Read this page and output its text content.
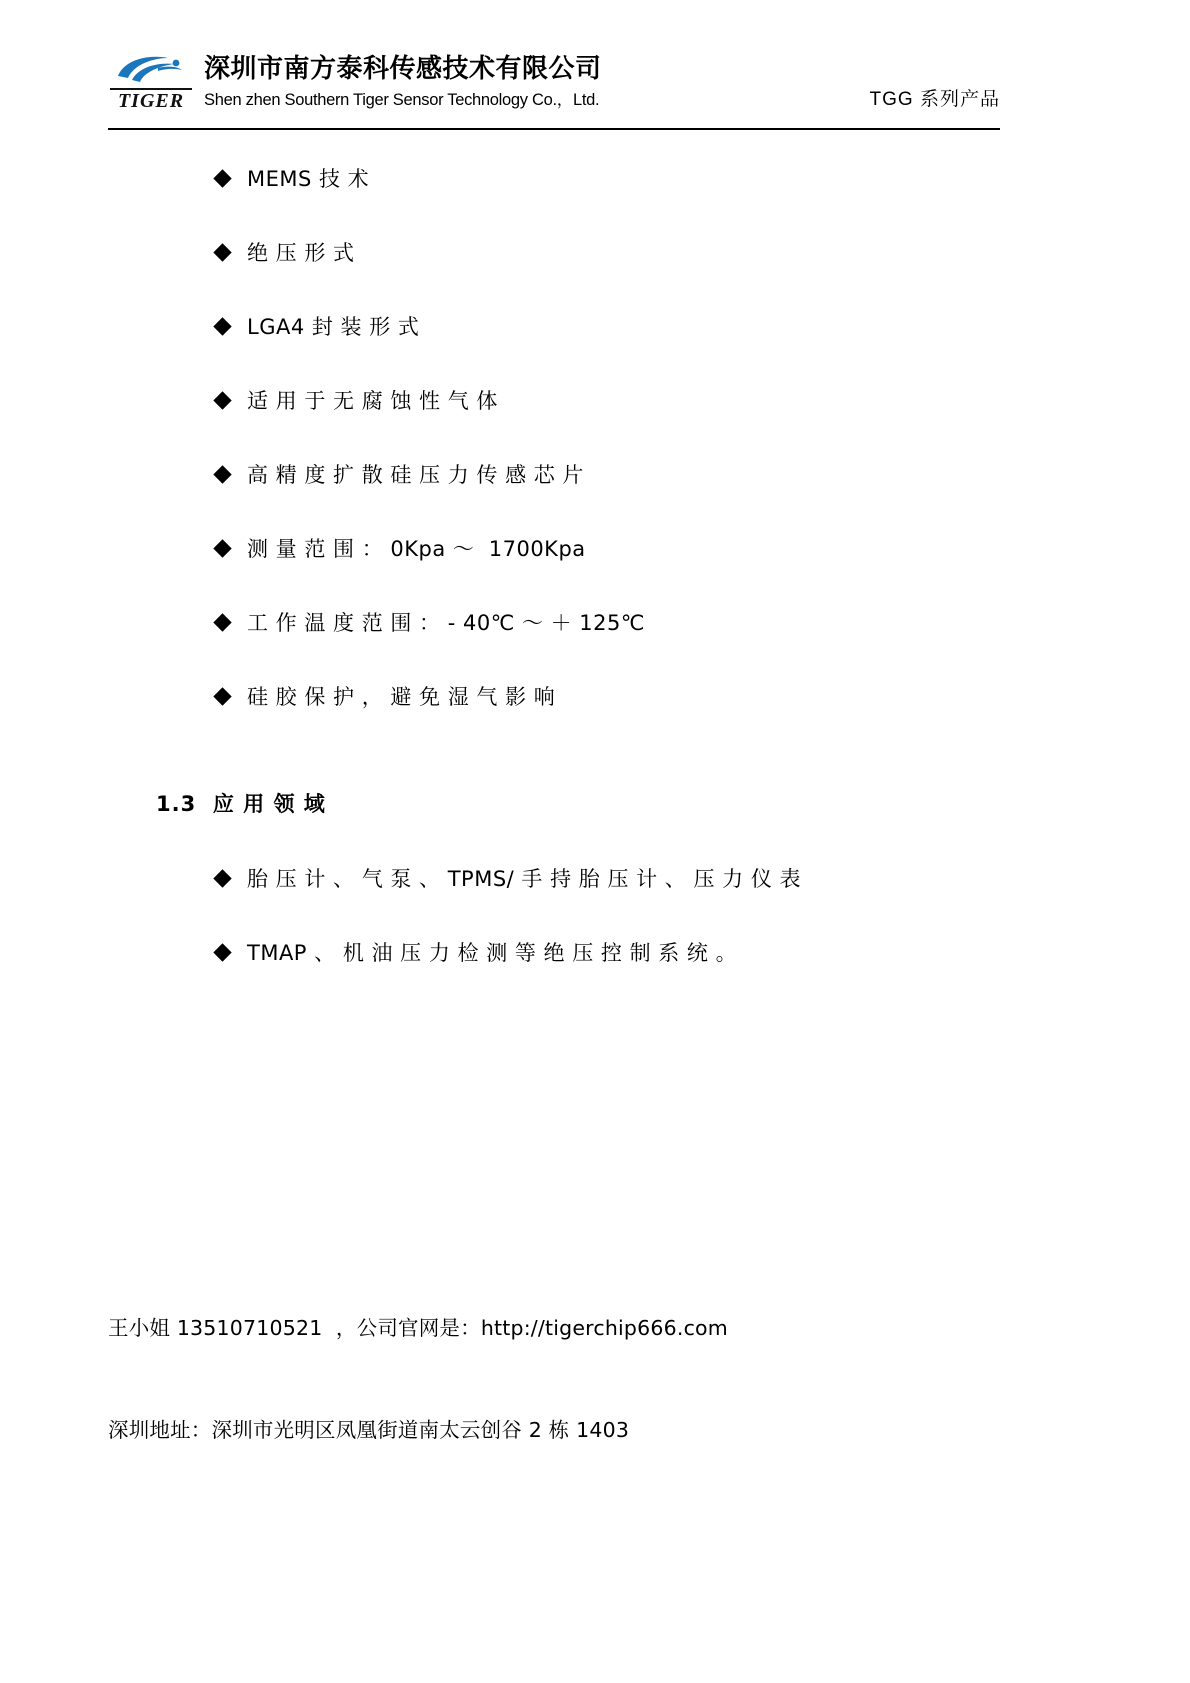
TIGER
深圳市南方泰科传感技术有限公司
Shen zhen Southern Tiger Sensor Technology Co.，Ltd.	TGG 系列产品
MEMS 技 术
绝 压 形 式
LGA4 封 装 形 式
适 用 于 无 腐 蚀 性 气 体
高 精 度 扩 散 硅 压 力 传 感 芯 片
测 量 范 围 ： 0Kpa ～  1700Kpa
工 作 温 度 范 围 ： - 40℃ ～ ＋ 125℃
硅 胶 保 护 ， 避 免 湿 气 影 响
1.3  应 用 领 域
胎 压 计 、 气 泵 、 TPMS/ 手 持 胎 压 计 、 压 力 仪 表
TMAP 、 机 油 压 力 检 测 等 绝 压 控 制 系 统 。

王小姐 13510710521  ，公司官网是：http://tigerchip666.com

深圳地址：深圳市光明区凤凰街道南太云创谷 2 栋 1403
